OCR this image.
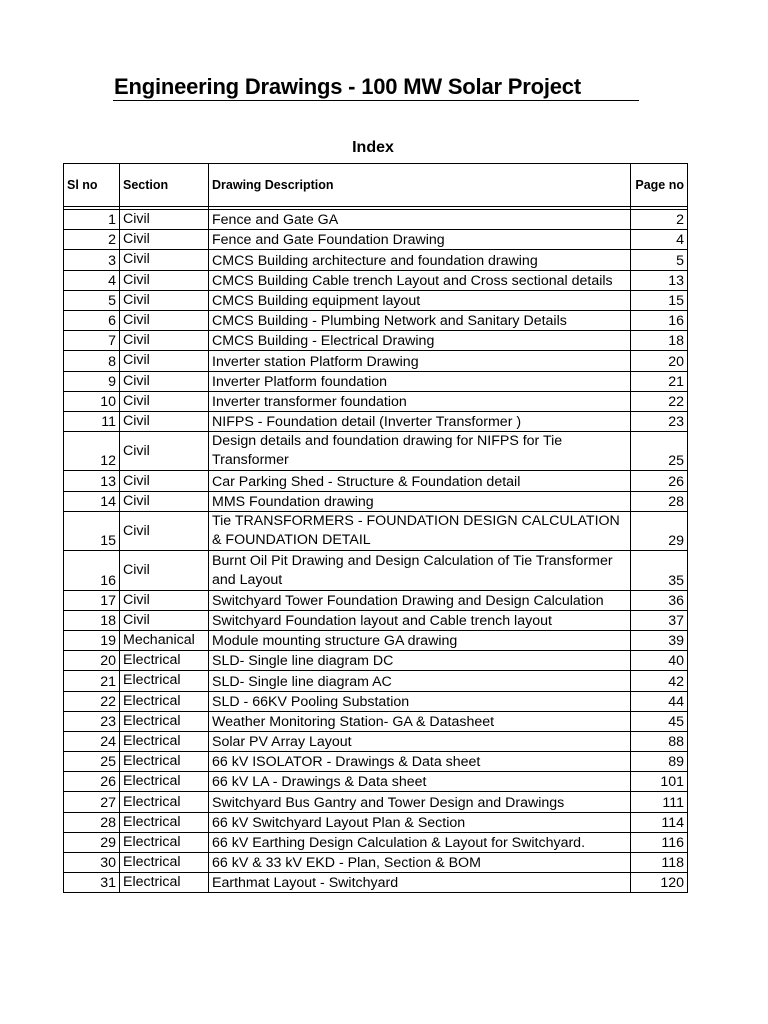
Engineering Drawings - 100 MW Solar Project
Index
Sl no	Section	Drawing Description	Page no

1	Civil	Fence and Gate GA	2
2	Civil	Fence and Gate Foundation Drawing	4
3	Civil	CMCS Building architecture and foundation drawing	5
4	Civil	CMCS Building Cable trench Layout and Cross sectional details	13
5	Civil	CMCS Building equipment layout	15
6	Civil	CMCS Building - Plumbing Network and Sanitary Details	16
7	Civil	CMCS Building - Electrical Drawing	18
8	Civil	Inverter station Platform Drawing	20
9	Civil	Inverter Platform foundation	21
10	Civil	Inverter transformer foundation	22
11	Civil	NIFPS - Foundation detail (Inverter Transformer )	23
12	Civil	Design details and foundation drawing for NIFPS for Tie Transformer	25
13	Civil	Car Parking Shed - Structure & Foundation detail	26
14	Civil	MMS Foundation drawing	28
15	Civil	Tie TRANSFORMERS - FOUNDATION DESIGN CALCULATION & FOUNDATION DETAIL	29
16	Civil	Burnt Oil Pit Drawing and Design Calculation of Tie Transformer and Layout	35
17	Civil	Switchyard Tower Foundation Drawing and Design Calculation	36
18	Civil	Switchyard Foundation layout and Cable trench layout	37
19	Mechanical	Module mounting structure GA drawing	39
20	Electrical	SLD- Single line diagram DC	40
21	Electrical	SLD- Single line diagram AC	42
22	Electrical	SLD - 66KV Pooling Substation	44
23	Electrical	Weather Monitoring Station- GA & Datasheet	45
24	Electrical	Solar PV Array Layout	88
25	Electrical	66 kV ISOLATOR - Drawings & Data sheet	89
26	Electrical	66 kV LA - Drawings & Data sheet	101
27	Electrical	Switchyard Bus Gantry and Tower Design and Drawings	111
28	Electrical	66 kV Switchyard Layout Plan & Section	114
29	Electrical	66 kV Earthing Design Calculation & Layout for Switchyard.	116
30	Electrical	66 kV & 33 kV EKD - Plan, Section & BOM	118
31	Electrical	Earthmat Layout - Switchyard	120
